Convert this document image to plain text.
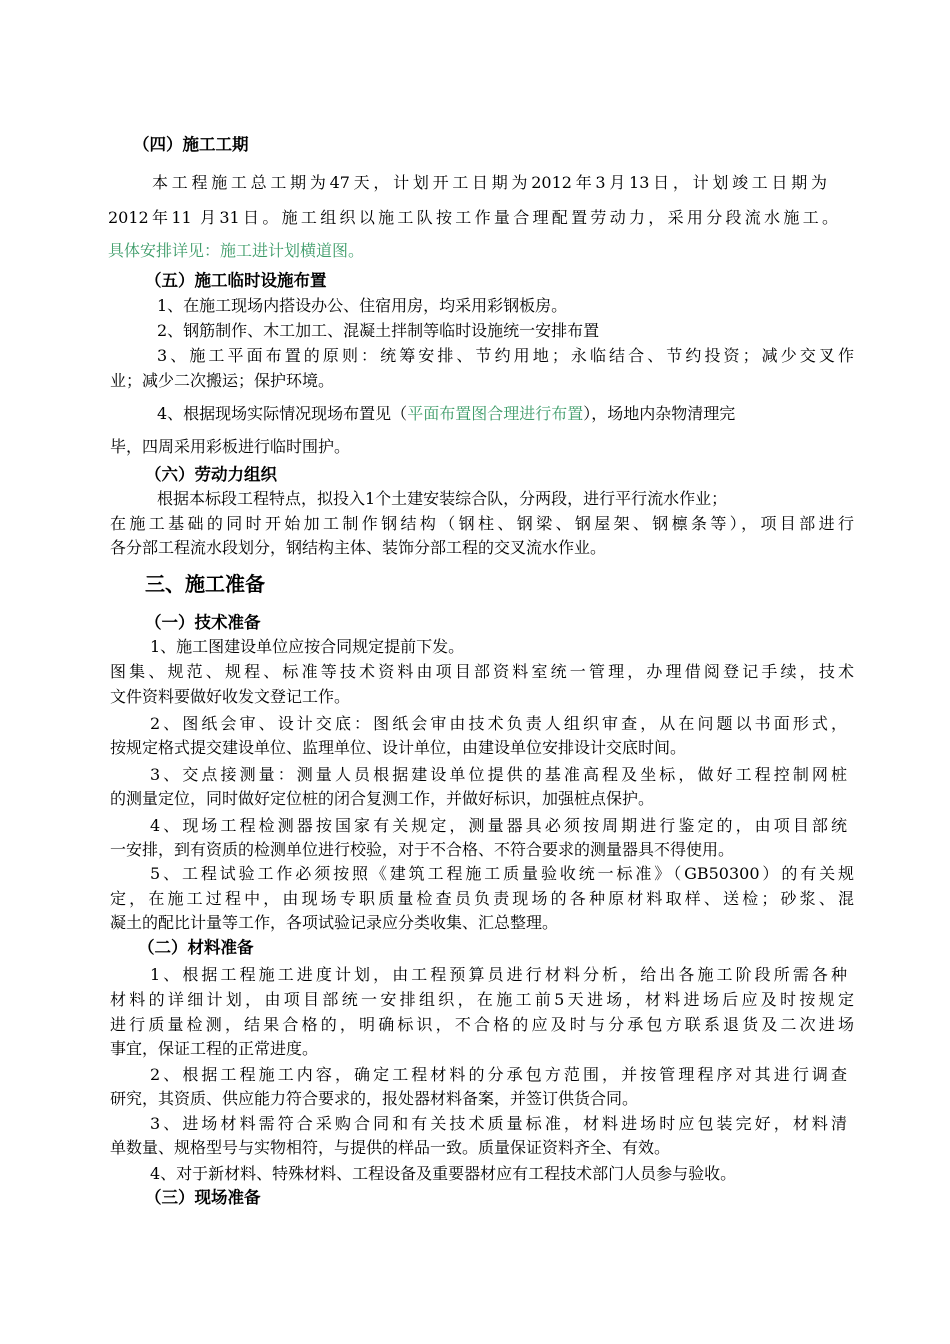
（四）施工工期
本工程施工总工期为47天，计划开工日期为2012年3月13日，计划竣工日期为
2012年11 月31日。施工组织以施工队按工作量合理配置劳动力，采用分段流水施工。
具体安排详见：施工进计划横道图。
（五）施工临时设施布置
1、在施工现场内搭设办公、住宿用房，均采用彩钢板房。
2、钢筋制作、木工加工、混凝土拌制等临时设施统一安排布置
3、施工平面布置的原则：统筹安排、节约用地；永临结合、节约投资；减少交叉作
业；减少二次搬运；保护环境。
4、根据现场实际情况现场布置见（平面布置图合理进行布置），场地内杂物清理完
毕，四周采用彩板进行临时围护。
（六）劳动力组织
根据本标段工程特点，拟投入1个土建安装综合队，分两段，进行平行流水作业；
在施工基础的同时开始加工制作钢结构（钢柱、钢梁、钢屋架、钢檩条等），项目部进行
各分部工程流水段划分，钢结构主体、装饰分部工程的交叉流水作业。
三、施工准备
（一）技术准备
1、施工图建设单位应按合同规定提前下发。
图集、规范、规程、标准等技术资料由项目部资料室统一管理，办理借阅登记手续，技术
文件资料要做好收发文登记工作。
2、图纸会审、设计交底：图纸会审由技术负责人组织审查，从在问题以书面形式，
按规定格式提交建设单位、监理单位、设计单位，由建设单位安排设计交底时间。
3、交点接测量：测量人员根据建设单位提供的基准高程及坐标，做好工程控制网桩
的测量定位，同时做好定位桩的闭合复测工作，并做好标识，加强桩点保护。
4、现场工程检测器按国家有关规定，测量器具必须按周期进行鉴定的，由项目部统
一安排，到有资质的检测单位进行校验，对于不合格、不符合要求的测量器具不得使用。
5、工程试验工作必须按照《建筑工程施工质量验收统一标准》（GB50300）的有关规
定，在施工过程中，由现场专职质量检查员负责现场的各种原材料取样、送检；砂浆、混
凝土的配比计量等工作，各项试验记录应分类收集、汇总整理。
（二）材料准备
1、根据工程施工进度计划，由工程预算员进行材料分析，给出各施工阶段所需各种
材料的详细计划，由项目部统一安排组织，在施工前5天进场，材料进场后应及时按规定
进行质量检测，结果合格的，明确标识，不合格的应及时与分承包方联系退货及二次进场
事宜，保证工程的正常进度。
2、根据工程施工内容，确定工程材料的分承包方范围，并按管理程序对其进行调查
研究，其资质、供应能力符合要求的，报处器材料备案，并签订供货合同。
3、进场材料需符合采购合同和有关技术质量标准，材料进场时应包装完好，材料清
单数量、规格型号与实物相符，与提供的样品一致。质量保证资料齐全、有效。
4、对于新材料、特殊材料、工程设备及重要器材应有工程技术部门人员参与验收。
（三）现场准备
